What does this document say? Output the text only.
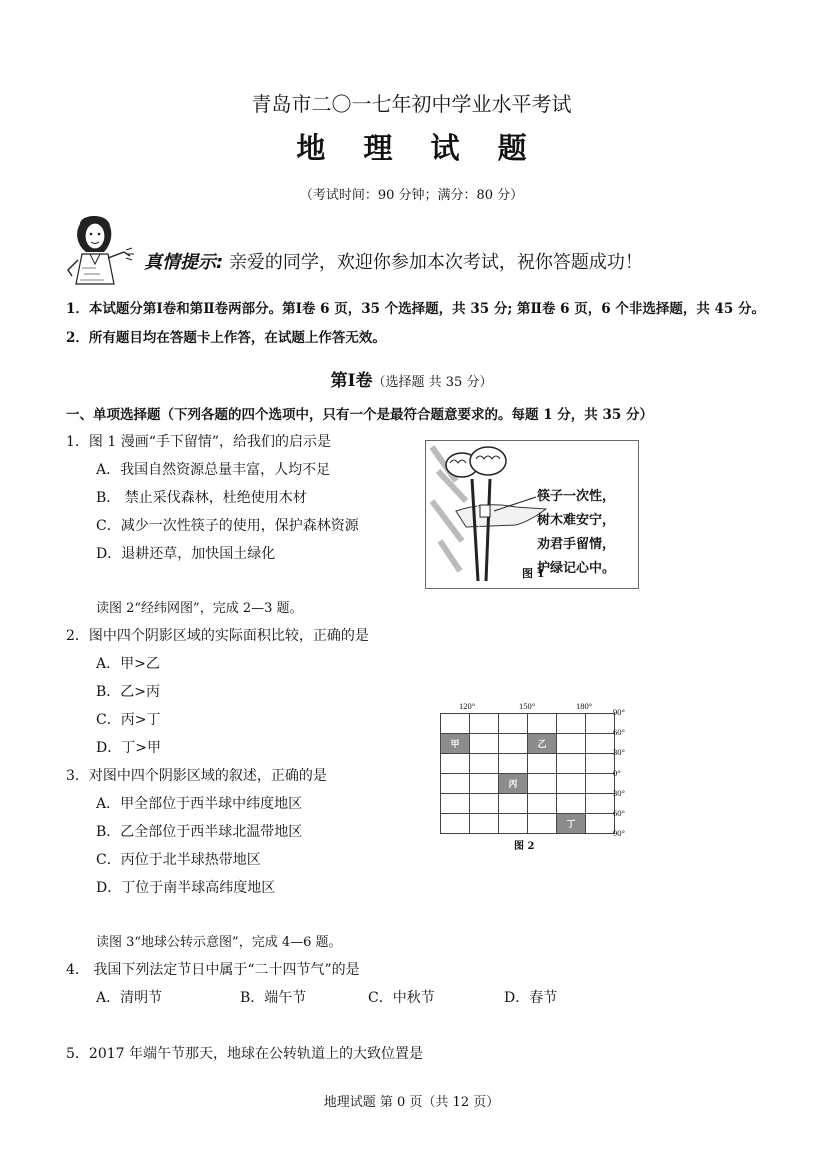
青岛市二〇一七年初中学业水平考试
地 理 试 题
（考试时间：90 分钟；满分：80 分）
真情提示: 亲爱的同学，欢迎你参加本次考试，祝你答题成功！
1．本试题分第Ⅰ卷和第Ⅱ卷两部分。第Ⅰ卷 6 页，35 个选择题，共 35 分; 第Ⅱ卷 6 页，6 个非选择题，共 45 分。
2．所有题目均在答题卡上作答，在试题上作答无效。
第Ⅰ卷（选择题 共 35 分）
一、单项选择题（下列各题的四个选项中，只有一个是最符合题意要求的。每题 1 分，共 35 分）
1．图 1 漫画“手下留情”，给我们的启示是
A．我国自然资源总量丰富，人均不足
B． 禁止采伐森林，杜绝使用木材
C．减少一次性筷子的使用，保护森林资源
D．退耕还草，加快国土绿化
筷子一次性，
树木难安宁，
劝君手留情，
护绿记心中。
图 1
读图 2“经纬网图”，完成 2—3 题。
2．图中四个阴影区域的实际面积比较，正确的是
A．甲>乙
B．乙>丙
C．丙>丁
D．丁>甲
3．对图中四个阴影区域的叙述，正确的是
A．甲全部位于西半球中纬度地区
B．乙全部位于西半球北温带地区
C．丙位于北半球热带地区
D．丁位于南半球高纬度地区
120°	150°	180°

甲			乙		

		丙			

				丁	
90°
60°
30°
0°
30°
60°
90°
图 2
读图 3“地球公转示意图”，完成 4—6 题。
4． 我国下列法定节日中属于“二十四节气”的是
A．清明节	B．端午节	C．中秋节	D．春节
5．2017 年端午节那天，地球在公转轨道上的大致位置是
地理试题 第 0 页（共 12 页）
